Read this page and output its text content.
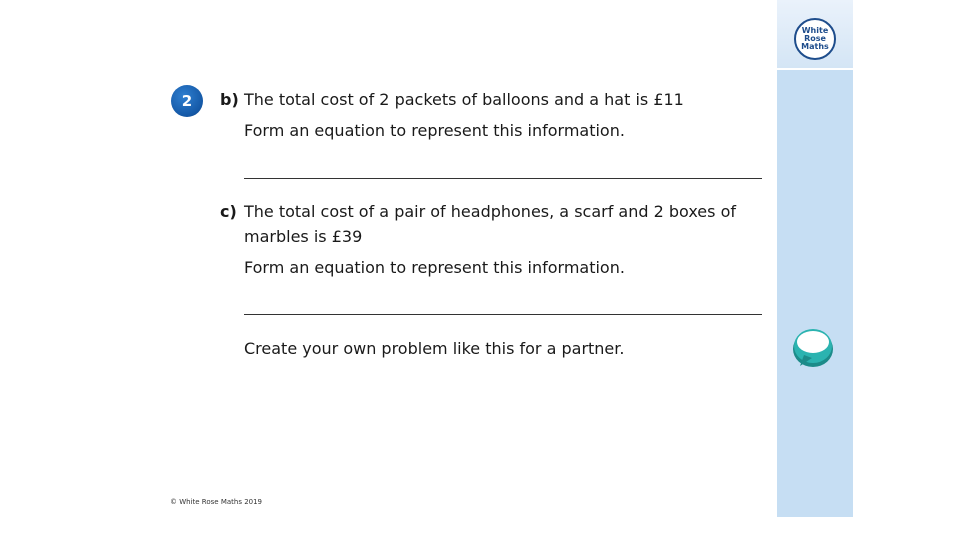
White
Rose
Maths
2	b) The total cost of 2 packets of balloons and a hat is £11
Form an equation to represent this information.
c) The total cost of a pair of headphones, a scarf and 2 boxes of
marbles is £39
Form an equation to represent this information.
Create your own problem like this for a partner.
© White Rose Maths 2019
